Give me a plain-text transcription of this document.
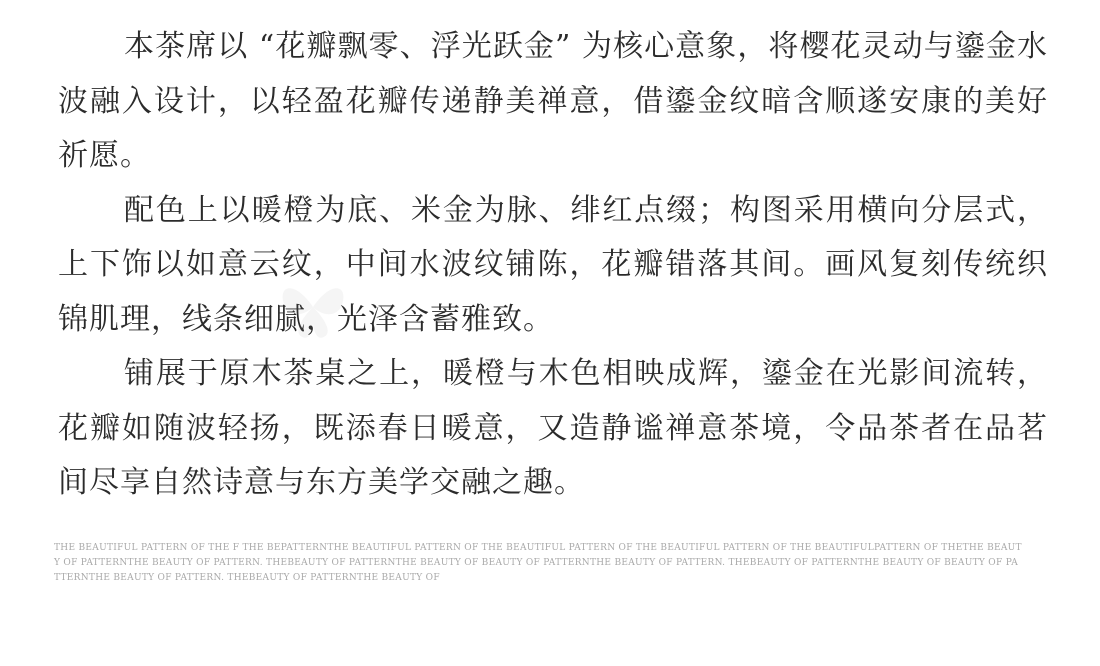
本茶席以 “花瓣飘零、浮光跃金” 为核心意象，将樱花灵动与鎏金水波融入设计，以轻盈花瓣传递静美禅意，借鎏金纹暗含顺遂安康的美好祈愿。

配色上以暖橙为底、米金为脉、绯红点缀；构图采用横向分层式，上下饰以如意云纹，中间水波纹铺陈，花瓣错落其间。画风复刻传统织锦肌理，线条细腻，光泽含蓄雅致。

铺展于原木茶桌之上，暖橙与木色相映成辉，鎏金在光影间流转，花瓣如随波轻扬，既添春日暖意，又造静谧禅意茶境，令品茶者在品茗间尽享自然诗意与东方美学交融之趣。

THE BEAUTIFUL PATTERN OF THE F THE BEPATTERNTHE BEAUTIFUL PATTERN OF THE BEAUTIFUL PATTERN OF THE BEAUTIFUL PATTERN OF THE BEAUTIFULPATTERN OF THETHE BEAUTY OF PATTERNTHE BEAUTY OF PATTERN. THEBEAUTY OF PATTERNTHE BEAUTY OF BEAUTY OF PATTERNTHE BEAUTY OF PATTERN. THEBEAUTY OF PATTERNTHE BEAUTY OF BEAUTY OF PATTERNTHE BEAUTY OF PATTERN. THEBEAUTY OF PATTERNTHE BEAUTY OF
